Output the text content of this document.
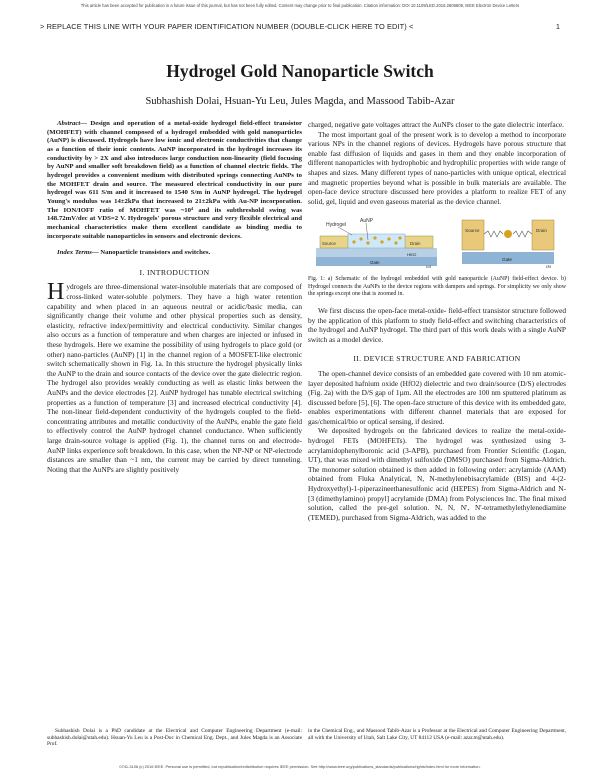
This article has been accepted for publication in a future issue of this journal, but has not been fully edited. Content may change prior to final publication. Citation information: DOI 10.1109/LED.2016.2606609, IEEE Electron Device Letters
> REPLACE THIS LINE WITH YOUR PAPER IDENTIFICATION NUMBER (DOUBLE-CLICK HERE TO EDIT) <	1
Hydrogel Gold Nanoparticle Switch
Subhashish Dolai, Hsuan-Yu Leu, Jules Magda, and Massood Tabib-Azar

Abstract— Design and operation of a metal-oxide hydrogel field-effect transistor (MOHFET) with channel composed of a hydrogel embedded with gold nanoparticles (AuNP) is discussed. Hydrogels have low ionic and electronic conductivities that change as a function of their ionic contents. AuNP incorporated in the hydrogel increases its conductivity by > 2X and also introduces large conduction non-linearity (field focusing by AuNP and smaller soft breakdown field) as a function of channel electric fields. The hydrogel provides a convenient medium with distributed springs connecting AuNPs to the MOHFET drain and source. The measured electrical conductivity in our pure hydrogel was 611 S/m and it increased to 1540 S/m in AuNP hydrogel. The hydrogel Young's modulus was 14±2kPa that increased to 21±2kPa with Au-NP incorporation. The ION/IOFF ratio of MOHFET was ~10⁴ and its subthreshold swing was 148.72mV/dec at VDS=2 V. Hydrogels' porous structure and very flexible electrical and mechanical characteristics make them excellent candidate as binding media to incorporate suitable nanoparticles in sensors and electronic devices.

Index Terms— Nanoparticle transistors and switches.

I. INTRODUCTION

Hydrogels are three-dimensional water-insoluble materials that are composed of cross-linked water-soluble polymers. They have a high water retention capability and when placed in an aqueous neutral or acidic/basic media, can significantly change their volume and other physical properties such as density, elasticity, refractive index/permittivity and electrical conductivity. Similar changes also occurs as a function of temperature and when charges are injected or infused in these hydrogels. Here we examine the possibility of using hydrogels to place gold (or other) nano-particles (AuNP) [1] in the channel region of a MOSFET-like electronic switch schematically shown in Fig. 1a. In this structure the hydrogel physically links the AuNP to the drain and source contacts of the device over the gate dielectric region. The hydrogel also provides weakly conducting as well as elastic links between the AuNPs and the device electrodes [2]. AuNP hydrogel has tunable electrical switching properties as a function of temperature [3] and increased electrical conductivity [4]. The non-linear field-dependent conductivity of the hydrogels coupled to the field-concentrating attributes and metallic conductivity of the AuNPs, enable the gate field to effectively control the AuNP hydrogel channel conductance. When sufficiently large drain-source voltage is applied (Fig. 1), the channel turns on and electrode-AuNP links experience soft breakdown. In this case, when the NP-NP or NP-electrode distances are smaller than ~1 nm, the current may be carried by direct tunneling. Noting that the AuNPs are slightly positively

charged, negative gate voltages attract the AuNPs closer to the gate dielectric interface.

The most important goal of the present work is to develop a method to incorporate various NPs in the channel regions of devices. Hydrogels have porous structure that enable fast diffusion of liquids and gases in them and they enable incorporation of different nanoparticles with hydrophobic and hydrophilic properties with wide range of shapes and sizes. Many different types of nano-particles with unique optical, electrical and magnetic properties beyond what is possible in bulk materials are available. The open-face device structure discussed here provides a platform to realize FET of any solid, gel, liquid and even gaseous material as the device channel.

Hydrogel
AuNP
Source	Drain
Gate
HfO2
(a)
Source	Drain
Gate
(b)

Fig. 1: a) Schematic of the hydrogel embedded with gold nanoparticle (AuNP) field-effect device. b) Hydrogel connects the AuNPs to the device regions with dampers and springs. For simplicity we only show the springs except one that is zoomed in.

We first discuss the open-face metal-oxide- field-effect transistor structure followed by the application of this platform to study field-effect and switching characteristics of the hydrogel and AuNP hydrogel. The third part of this work deals with a single AuNP switch as a model device.

II. DEVICE STRUCTURE AND FABRICATION

The open-channel device consists of an embedded gate covered with 10 nm atomic-layer deposited hafnium oxide (HfO2) dielectric and two drain/source (D/S) electrodes (Fig. 2a) with the D/S gap of 1µm. All the electrodes are 100 nm sputtered platinum as discussed before [5], [6]. The open-face structure of this device with its embedded gate, enables experimentations with different channel materials that are exposed for gas/chemical/bio or optical sensing, if desired.

We deposited hydrogels on the fabricated devices to realize the metal-oxide-hydrogel FETs (MOHFETs). The hydrogel was synthesized using 3-acrylamidophenylboronic acid (3-APB), purchased from Frontier Scientific (Logan, UT), that was mixed with dimethyl sulfoxide (DMSO) purchased from Sigma-Aldrich. The monomer solution obtained is then added in following order: acrylamide (AAM) obtained from Fluka Analytical, N, N-methylenebisacrylamide (BIS) and 4-(2-Hydroxyethyl)-1-piperazineethanesulfonic acid (HEPES) from Sigma-Aldrich and N-[3 (dimethylamino) propyl] acrylamide (DMA) from Polysciences Inc. The final mixed solution, called the pre-gel solution. N, N, N', N'-tetramethylethylenediamine (TEMED), purchased from Sigma-Aldrich, was added to the

Subhashish Dolai is a PhD candidate at the Electrical and Computer Engineering Department (e-mail: subhashish.dolai@utah.edu). Hsuan-Yu Leu is a Post-Doc in Chemical Eng. Dept., and Jules Magda is an Associate Prof.
in the Chemical Eng., and Massood Tabib-Azar is a Professor at the Electrical and Computer Engineering Department, all with the University of Utah, Salt Lake City, UT 84112 USA (e-mail: azar.m@utah.edu).
0741-3106 (c) 2016 IEEE. Personal use is permitted, but republication/redistribution requires IEEE permission. See http://www.ieee.org/publications_standards/publications/rights/index.html for more information.
